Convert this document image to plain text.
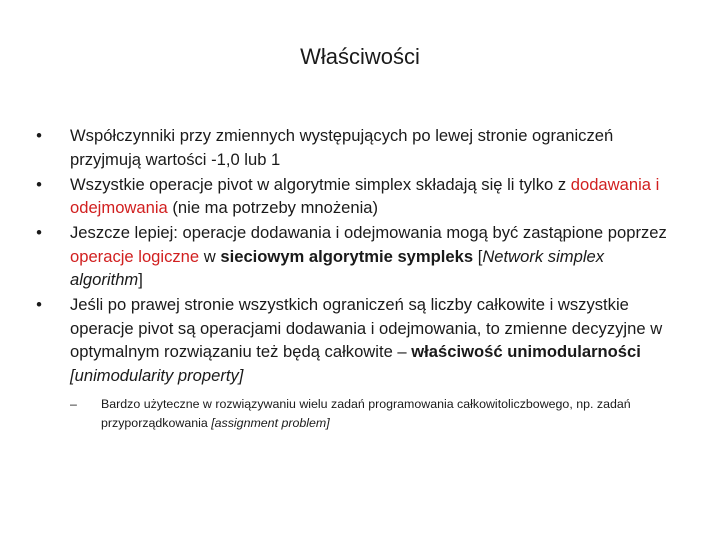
Właściwości
•	Współczynniki przy zmiennych występujących po lewej stronie ograniczeń przyjmują wartości -1,0 lub 1
•	Wszystkie operacje pivot w algorytmie simplex składają się li tylko z dodawania i odejmowania (nie ma potrzeby mnożenia)
•	Jeszcze lepiej: operacje dodawania i odejmowania mogą być zastąpione poprzez operacje logiczne w sieciowym algorytmie sympleks [Network simplex algorithm]
•	Jeśli po prawej stronie wszystkich ograniczeń są liczby całkowite i wszystkie operacje pivot są operacjami dodawania i odejmowania, to zmienne decyzyjne w optymalnym rozwiązaniu też będą całkowite – właściwość unimodularności [unimodularity property]
– Bardzo użyteczne w rozwiązywaniu wielu zadań programowania całkowitoliczbowego, np. zadań przyporządkowania [assignment problem]
